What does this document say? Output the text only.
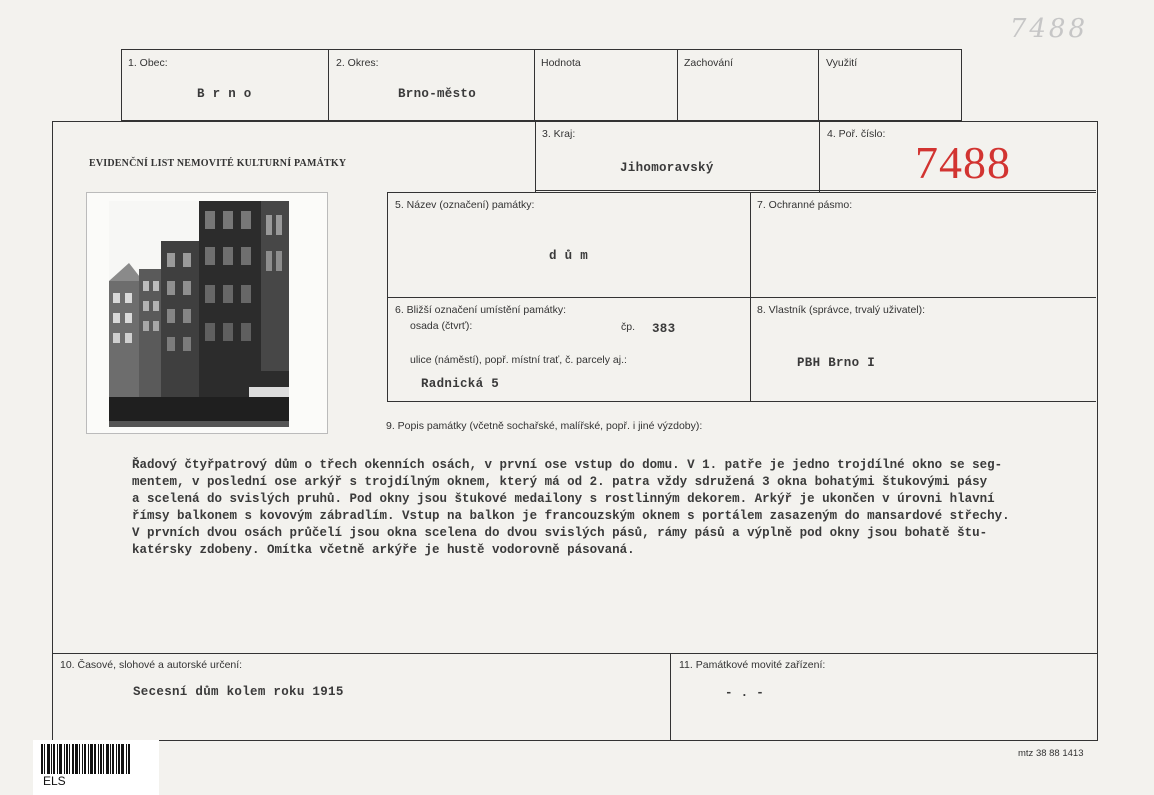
7488
1. Obec:
B r n o
2. Okres:
Brno-město
Hodnota	Zachování	Využití
EVIDENČNÍ LIST NEMOVITÉ KULTURNÍ PAMÁTKY
3. Kraj:
Jihomoravský
4. Poř. číslo:
7488
5. Název (označení) památky:
d ů m
7. Ochranné pásmo:
6. Bližší označení umístění památky:
osada (čtvrť):	čp. 383
ulice (náměstí), popř. místní trať, č. parcely aj.:
Radnická 5
8. Vlastník (správce, trvalý uživatel):
PBH Brno I
9. Popis památky (včetně sochařské, malířské, popř. i jiné výzdoby):
Řadový čtyřpatrový dům o třech okenních osách, v první ose vstup do domu. V 1. patře je jedno trojdílné okno se seg-
mentem, v poslední ose arkýř s trojdílným oknem, který má od 2. patra vždy sdružená 3 okna bohatými štukovými pásy
a scelená do svislých pruhů. Pod okny jsou štukové medailony s rostlinným dekorem. Arkýř je ukončen v úrovni hlavní
římsy balkonem s kovovým zábradlím. Vstup na balkon je francouzským oknem s portálem zasazeným do mansardové střechy.
V prvních dvou osách průčelí jsou okna scelena do dvou svislých pásů, rámy pásů a výplně pod okny jsou bohatě štu-
katérsky zdobeny. Omítka včetně arkýře je hustě vodorovně pásovaná.
10. Časové, slohové a autorské určení:
Secesní dům kolem roku 1915
11. Památkové movité zařízení:
- . -
ELS
mtz 38 88 1413
